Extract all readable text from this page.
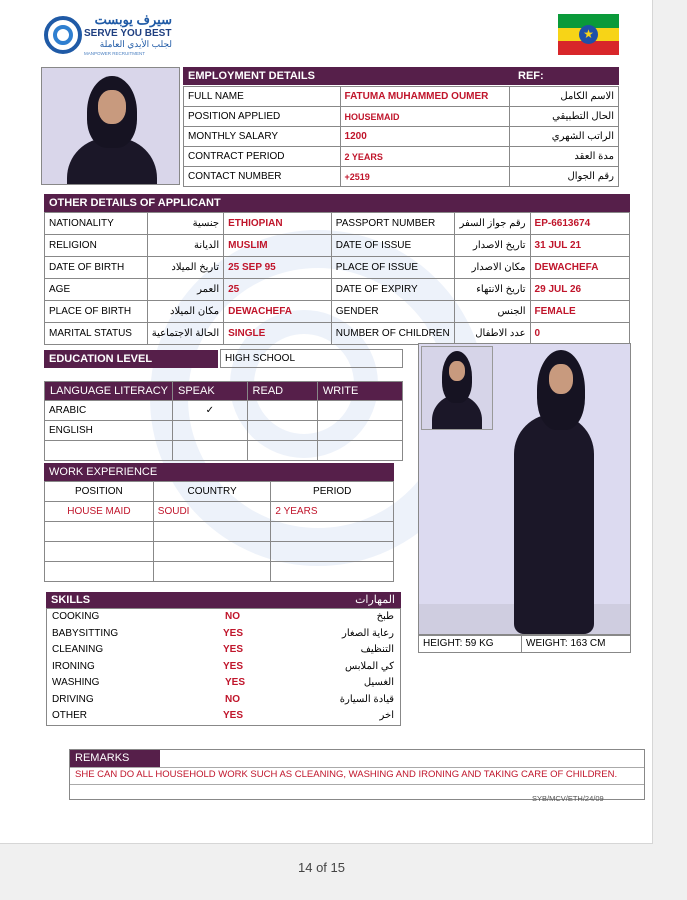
سيرف يوبست
SERVE YOU BEST
لجلب الأيدي العاملة
MANPOWER RECRUITMENT
★
EMPLOYMENT DETAILS	REF:
FULL NAME	FATUMA MUHAMMED OUMER	الاسم الكامل
POSITION APPLIED	HOUSEMAID	الحال التطبيقي
MONTHLY SALARY	1200	الراتب الشهري
CONTRACT PERIOD	2 YEARS	مدة العقد
CONTACT NUMBER	+2519	رقم الجوال
OTHER DETAILS OF APPLICANT
NATIONALITY	جنسية	ETHIOPIAN	PASSPORT NUMBER	رقم جواز السفر	EP-6613674
RELIGION	الديانة	MUSLIM	DATE OF ISSUE	تاريخ الاصدار	31 JUL 21
DATE OF BIRTH	تاريخ الميلاد	25 SEP 95	PLACE OF ISSUE	مكان الاصدار	DEWACHEFA
AGE	العمر	25	DATE OF EXPIRY	تاريخ الانتهاء	29 JUL 26
PLACE OF BIRTH	مكان الميلاد	DEWACHEFA	GENDER	الجنس	FEMALE
MARITAL STATUS	الحالة الاجتماعية	SINGLE	NUMBER OF CHILDREN	عدد الاطفال	0
EDUCATION LEVEL	HIGH SCHOOL
LANGUAGE LITERACY	SPEAK	READ	WRITE
ARABIC	✓		
ENGLISH			

WORK EXPERIENCE
POSITION	COUNTRY	PERIOD
HOUSE MAID	SOUDI	2 YEARS

SKILLS	المهارات
COOKING	NO	طبخ
BABYSITTING	YES	رعاية الصغار
CLEANING	YES	التنظيف
IRONING	YES	كي الملابس
WASHING	YES	الغسيل
DRIVING	NO	قيادة السيارة
OTHER	YES	اخر
HEIGHT: 59 KG	WEIGHT: 163 CM
REMARKS
SHE CAN DO ALL HOUSEHOLD WORK SUCH AS CLEANING, WASHING AND IRONING AND TAKING CARE OF CHILDREN.
SYB/MCV/ETH/24/09
14 of 15
